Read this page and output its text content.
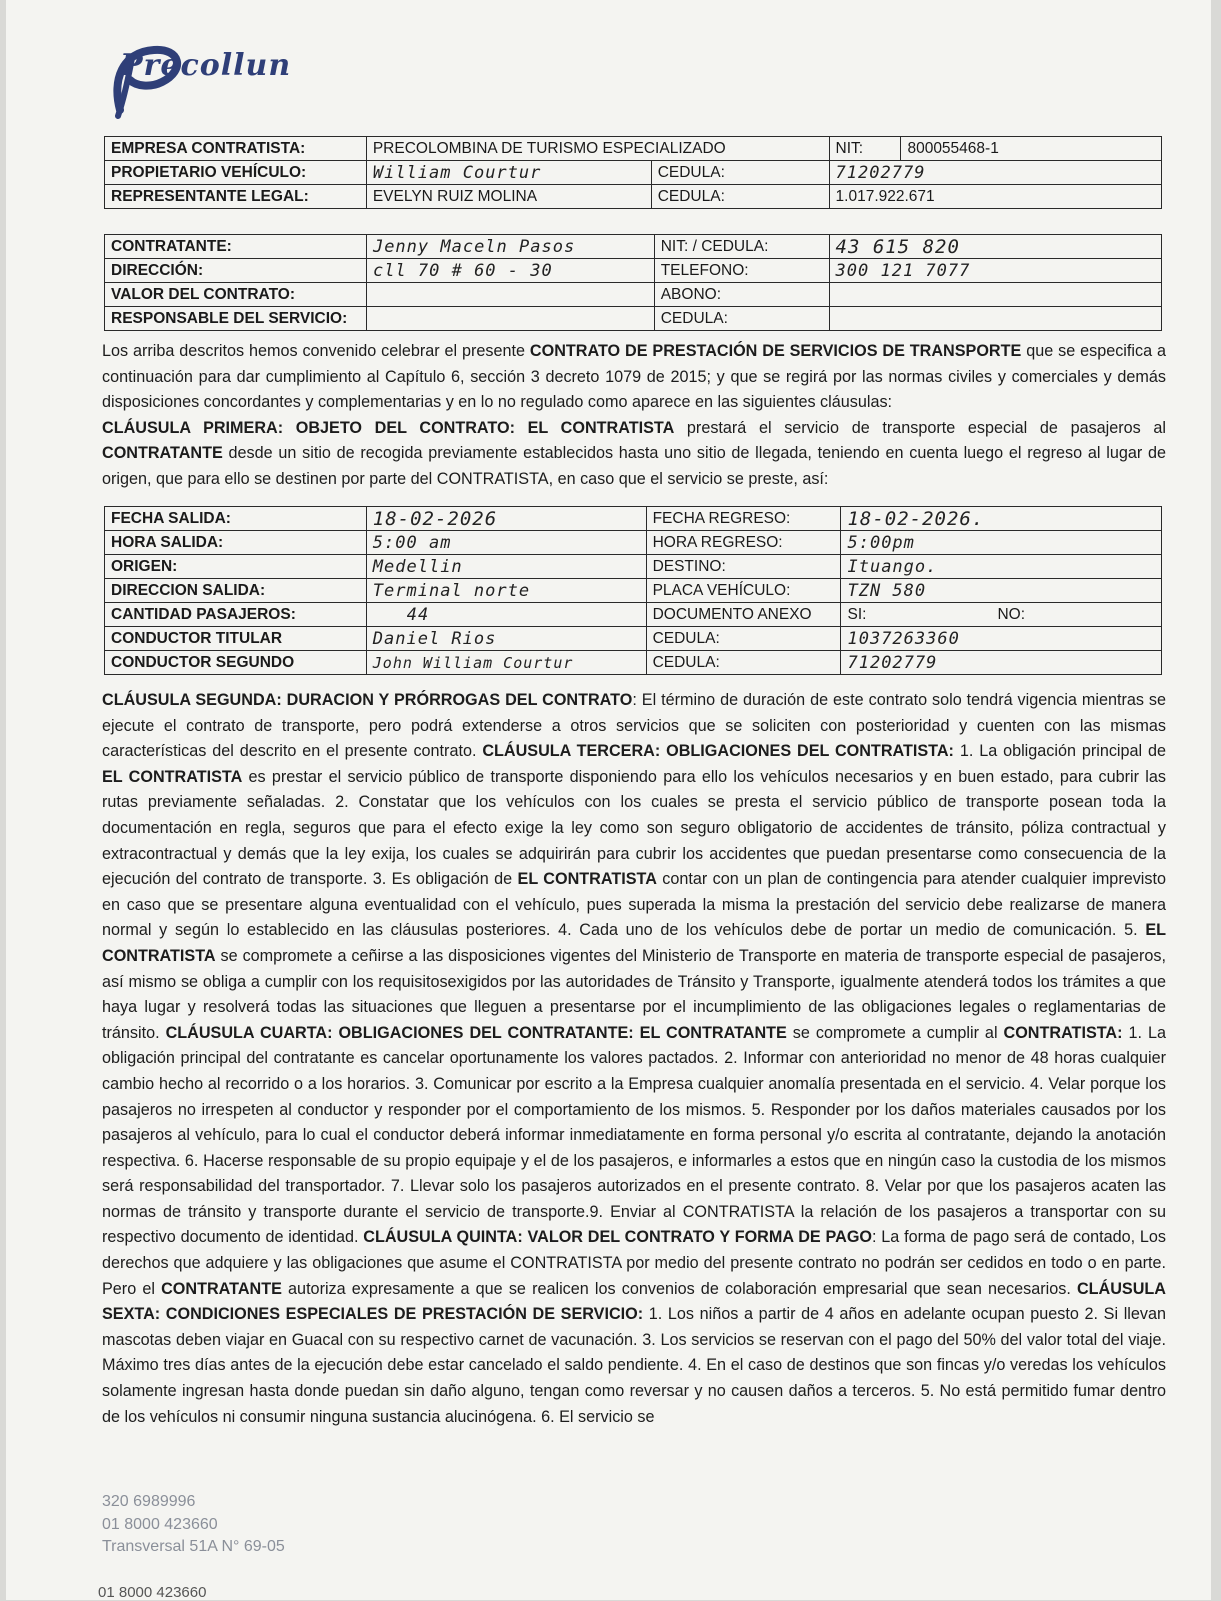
Precollun
EMPRESA CONTRATISTA:	PRECOLOMBINA DE TURISMO ESPECIALIZADO		NIT:	800055468-1
PROPIETARIO VEHÍCULO:	William Courtur	CEDULA:	71202779	
REPRESENTANTE LEGAL:	EVELYN RUIZ MOLINA	CEDULA:	1.017.922.671	
CONTRATANTE:	Jenny Maceln Pasos	NIT: / CEDULA:	43 615 820
DIRECCIÓN:	cll 70 # 60 - 30	TELEFONO:	300 121 7077
VALOR DEL CONTRATO:		ABONO:	
RESPONSABLE DEL SERVICIO:		CEDULA:	
Los arriba descritos hemos convenido celebrar el presente CONTRATO DE PRESTACIÓN DE SERVICIOS DE TRANSPORTE que se especifica a continuación para dar cumplimiento al Capítulo 6, sección 3 decreto 1079 de 2015; y que se regirá por las normas civiles y comerciales y demás disposiciones concordantes y complementarias y en lo no regulado como aparece en las siguientes cláusulas:
CLÁUSULA PRIMERA: OBJETO DEL CONTRATO: EL CONTRATISTA prestará el servicio de transporte especial de pasajeros al CONTRATANTE desde un sitio de recogida previamente establecidos hasta uno sitio de llegada, teniendo en cuenta luego el regreso al lugar de origen, que para ello se destinen por parte del CONTRATISTA, en caso que el servicio se preste, así:
FECHA SALIDA:	18-02-2026	FECHA REGRESO:	18-02-2026.
HORA SALIDA:	5:00 am	HORA REGRESO:	5:00pm
ORIGEN:	Medellin	DESTINO:	Ituango.
DIRECCION SALIDA:	Terminal norte	PLACA VEHÍCULO:	TZN 580
CANTIDAD PASAJEROS:	44	DOCUMENTO ANEXO	SI: NO:

CONDUCTOR TITULAR	Daniel Rios	CEDULA:	1037263360
CONDUCTOR SEGUNDO	John William Courtur	CEDULA:	71202779
CLÁUSULA SEGUNDA: DURACION Y PRÓRROGAS DEL CONTRATO: El término de duración de este contrato solo tendrá vigencia mientras se ejecute el contrato de transporte, pero podrá extenderse a otros servicios que se soliciten con posterioridad y cuenten con las mismas características del descrito en el presente contrato. CLÁUSULA TERCERA: OBLIGACIONES DEL CONTRATISTA: 1. La obligación principal de EL CONTRATISTA es prestar el servicio público de transporte disponiendo para ello los vehículos necesarios y en buen estado, para cubrir las rutas previamente señaladas. 2. Constatar que los vehículos con los cuales se presta el servicio público de transporte posean toda la documentación en regla, seguros que para el efecto exige la ley como son seguro obligatorio de accidentes de tránsito, póliza contractual y extracontractual y demás que la ley exija, los cuales se adquirirán para cubrir los accidentes que puedan presentarse como consecuencia de la ejecución del contrato de transporte. 3. Es obligación de EL CONTRATISTA contar con un plan de contingencia para atender cualquier imprevisto en caso que se presentare alguna eventualidad con el vehículo, pues superada la misma la prestación del servicio debe realizarse de manera normal y según lo establecido en las cláusulas posteriores. 4. Cada uno de los vehículos debe de portar un medio de comunicación. 5. EL CONTRATISTA se compromete a ceñirse a las disposiciones vigentes del Ministerio de Transporte en materia de transporte especial de pasajeros, así mismo se obliga a cumplir con los requisitosexigidos por las autoridades de Tránsito y Transporte, igualmente atenderá todos los trámites a que haya lugar y resolverá todas las situaciones que lleguen a presentarse por el incumplimiento de las obligaciones legales o reglamentarias de tránsito. CLÁUSULA CUARTA: OBLIGACIONES DEL CONTRATANTE: EL CONTRATANTE se compromete a cumplir al CONTRATISTA: 1. La obligación principal del contratante es cancelar oportunamente los valores pactados. 2. Informar con anterioridad no menor de 48 horas cualquier cambio hecho al recorrido o a los horarios. 3. Comunicar por escrito a la Empresa cualquier anomalía presentada en el servicio. 4. Velar porque los pasajeros no irrespeten al conductor y responder por el comportamiento de los mismos. 5. Responder por los daños materiales causados por los pasajeros al vehículo, para lo cual el conductor deberá informar inmediatamente en forma personal y/o escrita al contratante, dejando la anotación respectiva. 6. Hacerse responsable de su propio equipaje y el de los pasajeros, e informarles a estos que en ningún caso la custodia de los mismos será responsabilidad del transportador. 7. Llevar solo los pasajeros autorizados en el presente contrato. 8. Velar por que los pasajeros acaten las normas de tránsito y transporte durante el servicio de transporte.9. Enviar al CONTRATISTA la relación de los pasajeros a transportar con su respectivo documento de identidad. CLÁUSULA QUINTA: VALOR DEL CONTRATO Y FORMA DE PAGO: La forma de pago será de contado, Los derechos que adquiere y las obligaciones que asume el CONTRATISTA por medio del presente contrato no podrán ser cedidos en todo o en parte. Pero el CONTRATANTE autoriza expresamente a que se realicen los convenios de colaboración empresarial que sean necesarios. CLÁUSULA SEXTA: CONDICIONES ESPECIALES DE PRESTACIÓN DE SERVICIO: 1. Los niños a partir de 4 años en adelante ocupan puesto 2. Si llevan mascotas deben viajar en Guacal con su respectivo carnet de vacunación. 3. Los servicios se reservan con el pago del 50% del valor total del viaje. Máximo tres días antes de la ejecución debe estar cancelado el saldo pendiente. 4. En el caso de destinos que son fincas y/o veredas los vehículos solamente ingresan hasta donde puedan sin daño alguno, tengan como reversar y no causen daños a terceros. 5. No está permitido fumar dentro de los vehículos ni consumir ninguna sustancia alucinógena. 6. El servicio se
320 6989996
01 8000 423660
Transversal 51A N° 69-05
01 8000 423660
